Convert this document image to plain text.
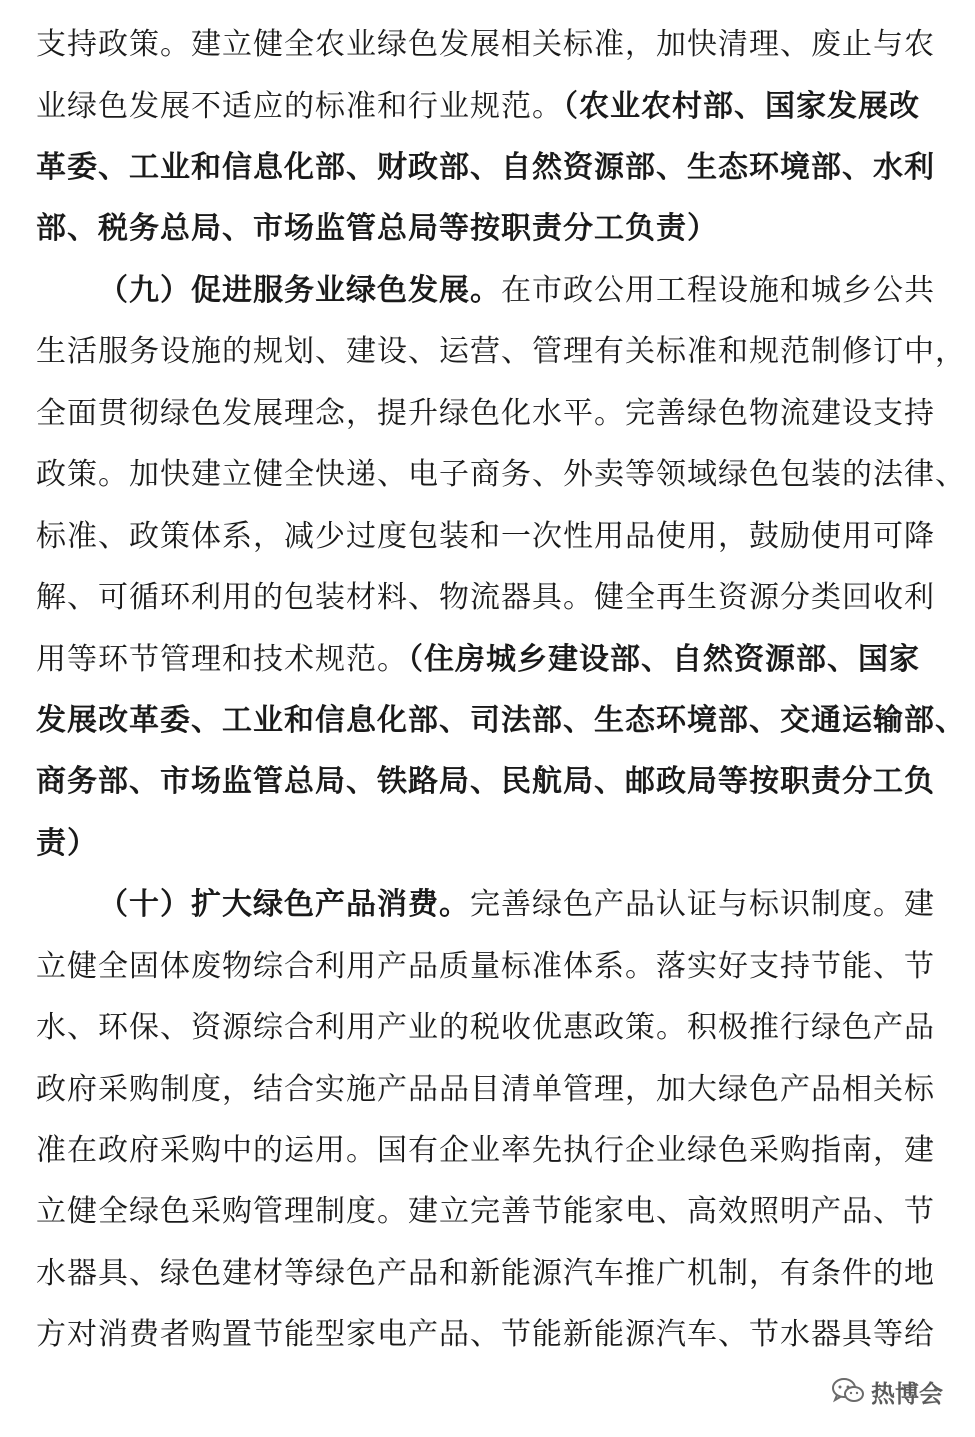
支持政策。建立健全农业绿色发展相关标准，加快清理、废止与农
业绿色发展不适应的标准和行业规范。（农业农村部、国家发展改
革委、工业和信息化部、财政部、自然资源部、生态环境部、水利
部、税务总局、市场监管总局等按职责分工负责）
（九）促进服务业绿色发展。在市政公用工程设施和城乡公共
生活服务设施的规划、建设、运营、管理有关标准和规范制修订中，
全面贯彻绿色发展理念，提升绿色化水平。完善绿色物流建设支持
政策。加快建立健全快递、电子商务、外卖等领域绿色包装的法律、
标准、政策体系，减少过度包装和一次性用品使用，鼓励使用可降
解、可循环利用的包装材料、物流器具。健全再生资源分类回收利
用等环节管理和技术规范。（住房城乡建设部、自然资源部、国家
发展改革委、工业和信息化部、司法部、生态环境部、交通运输部、
商务部、市场监管总局、铁路局、民航局、邮政局等按职责分工负
责）
（十）扩大绿色产品消费。完善绿色产品认证与标识制度。建
立健全固体废物综合利用产品质量标准体系。落实好支持节能、节
水、环保、资源综合利用产业的税收优惠政策。积极推行绿色产品
政府采购制度，结合实施产品品目清单管理，加大绿色产品相关标
准在政府采购中的运用。国有企业率先执行企业绿色采购指南，建
立健全绿色采购管理制度。建立完善节能家电、高效照明产品、节
水器具、绿色建材等绿色产品和新能源汽车推广机制，有条件的地
方对消费者购置节能型家电产品、节能新能源汽车、节水器具等给
热博会
